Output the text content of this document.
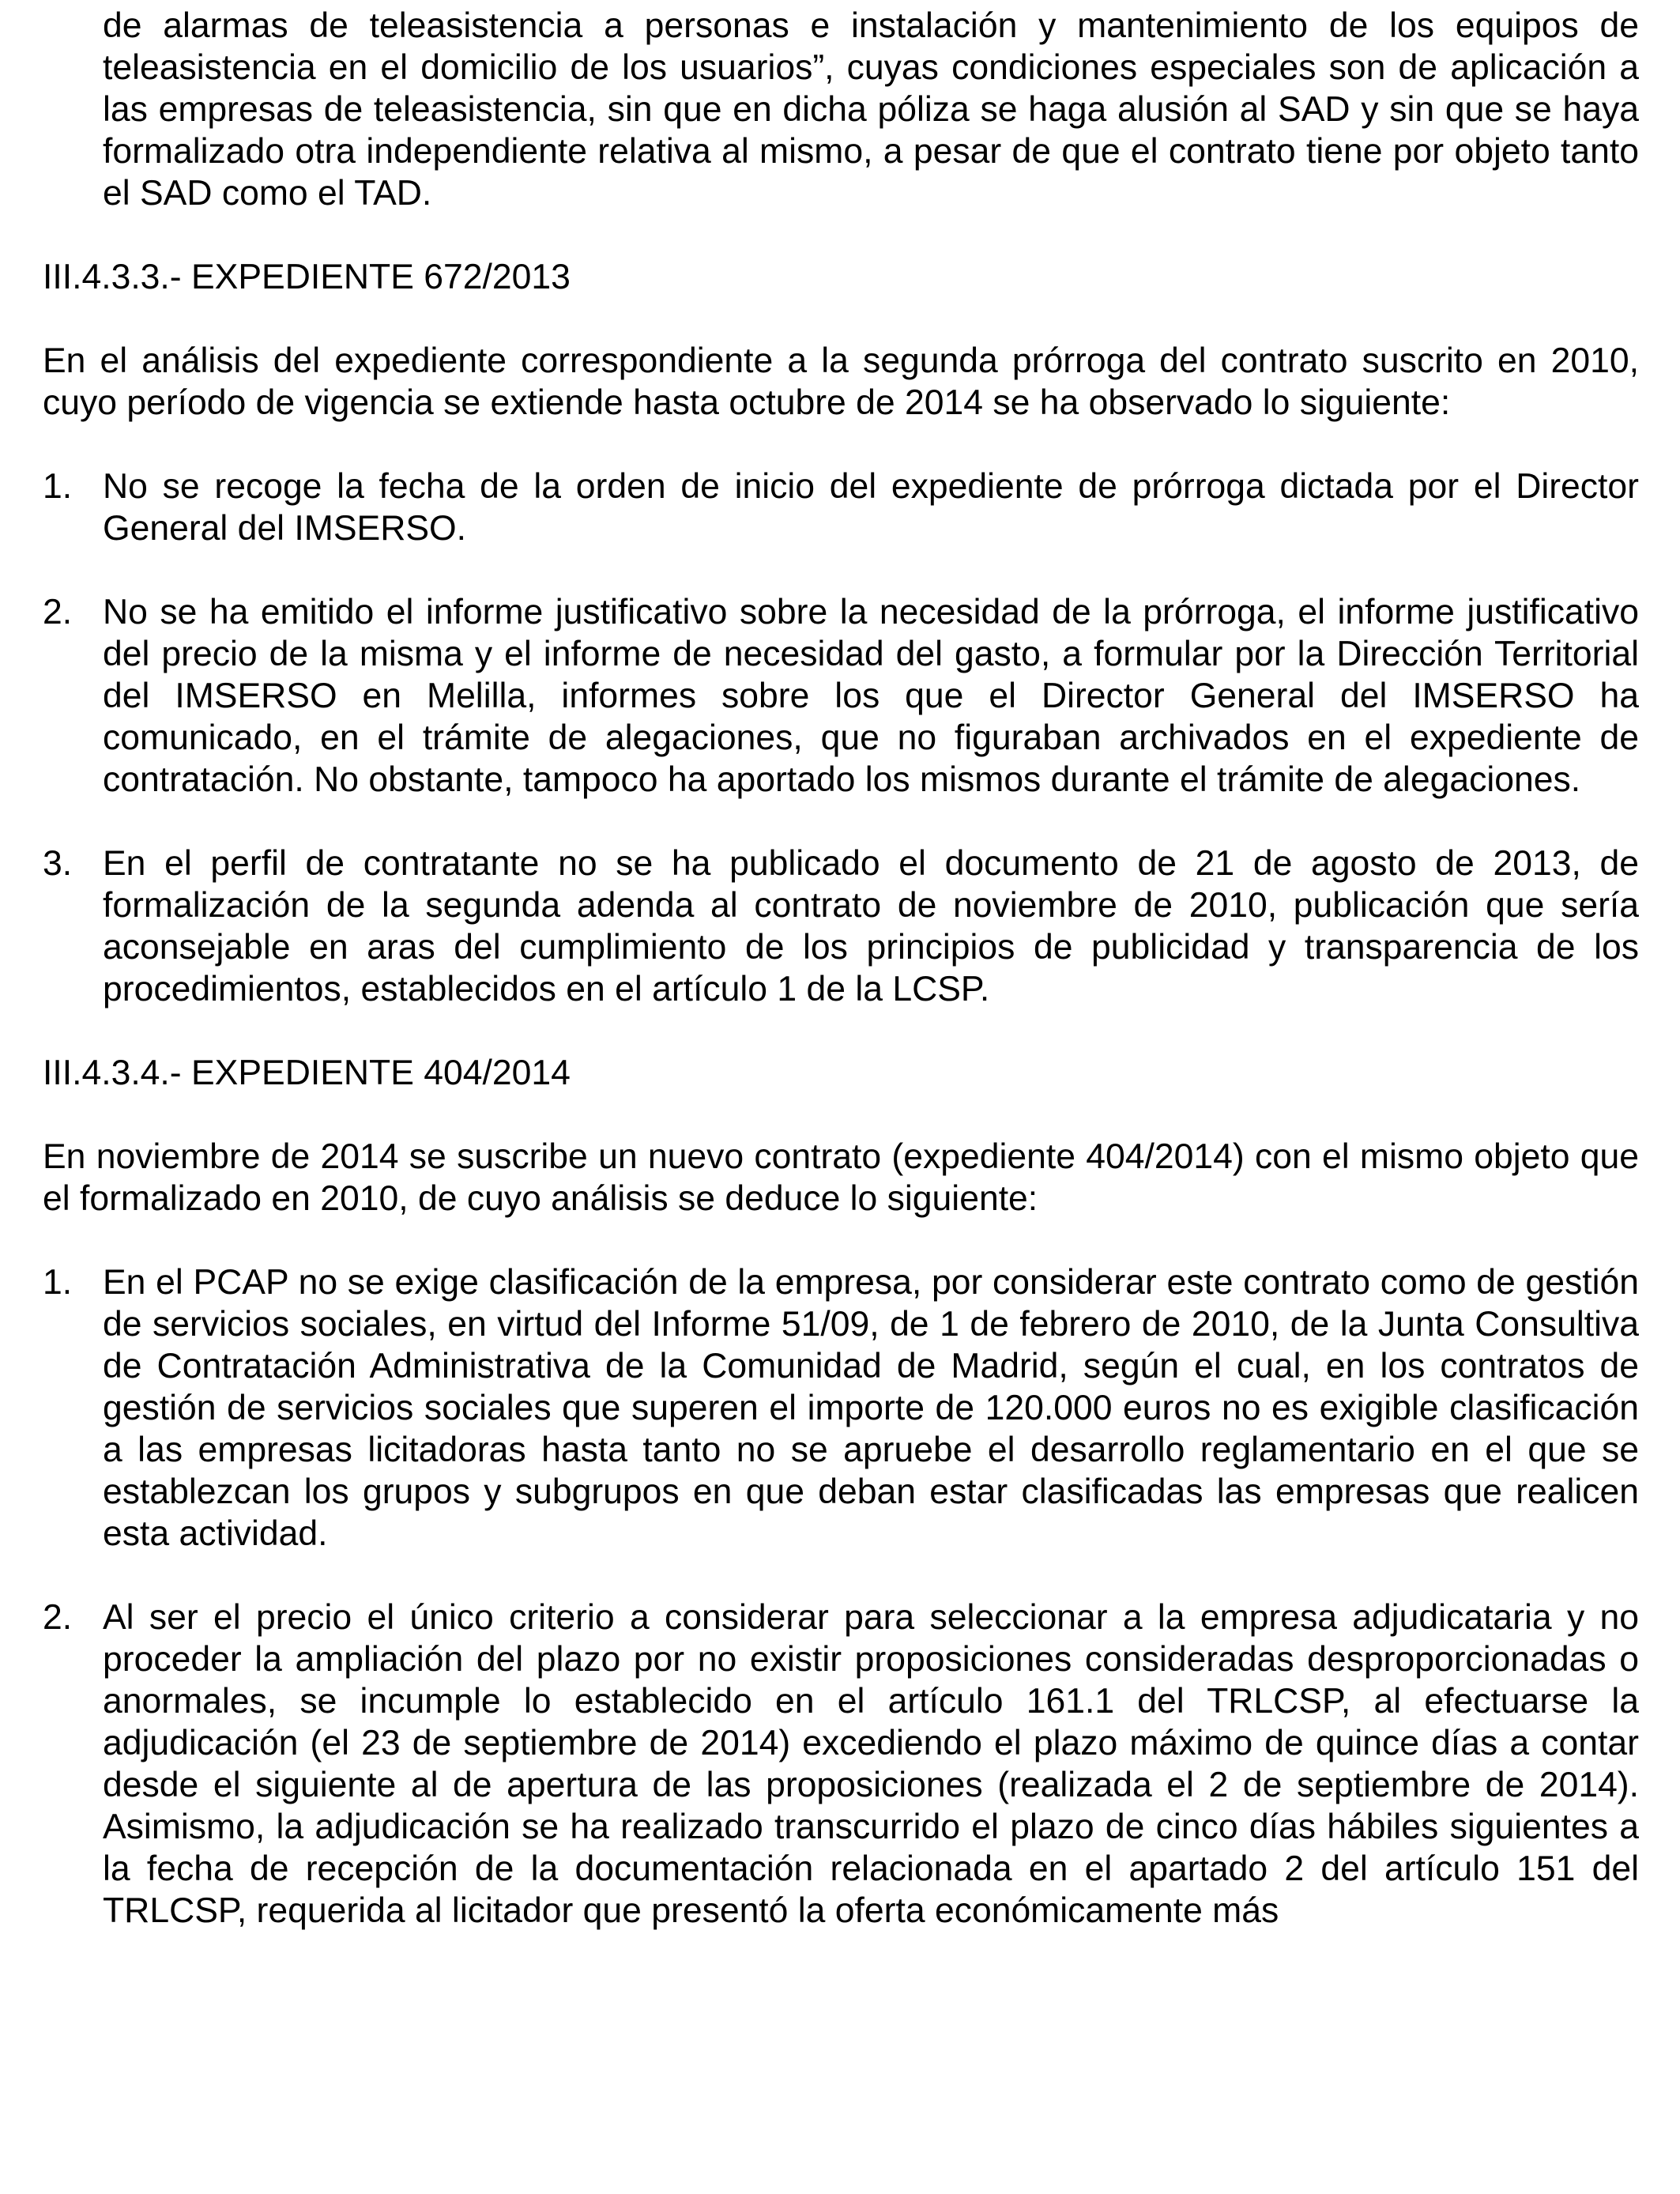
de alarmas de teleasistencia a personas e instalación y mantenimiento de los equipos de teleasistencia en el domicilio de los usuarios”, cuyas condiciones especiales son de aplicación a las empresas de teleasistencia, sin que en dicha póliza se haga alusión al SAD y sin que se haya formalizado otra independiente relativa al mismo, a pesar de que el contrato tiene por objeto tanto el SAD como el TAD.

III.4.3.3.- EXPEDIENTE 672/2013

En el análisis del expediente correspondiente a la segunda prórroga del contrato suscrito en 2010, cuyo período de vigencia se extiende hasta octubre de 2014 se ha observado lo siguiente:

1. No se recoge la fecha de la orden de inicio del expediente de prórroga dictada por el Director General del IMSERSO.
2. No se ha emitido el informe justificativo sobre la necesidad de la prórroga, el informe justificativo del precio de la misma y el informe de necesidad del gasto, a formular por la Dirección Territorial del IMSERSO en Melilla, informes sobre los que el Director General del IMSERSO ha comunicado, en el trámite de alegaciones, que no figuraban archivados en el expediente de contratación. No obstante, tampoco ha aportado los mismos durante el trámite de alegaciones.
3. En el perfil de contratante no se ha publicado el documento de 21 de agosto de 2013, de formalización de la segunda adenda al contrato de noviembre de 2010, publicación que sería aconsejable en aras del cumplimiento de los principios de publicidad y transparencia de los procedimientos, establecidos en el artículo 1 de la LCSP.

III.4.3.4.- EXPEDIENTE 404/2014

En noviembre de 2014 se suscribe un nuevo contrato (expediente 404/2014) con el mismo objeto que el formalizado en 2010, de cuyo análisis se deduce lo siguiente:

1. En el PCAP no se exige clasificación de la empresa, por considerar este contrato como de gestión de servicios sociales, en virtud del Informe 51/09, de 1 de febrero de 2010, de la Junta Consultiva de Contratación Administrativa de la Comunidad de Madrid, según el cual, en los contratos de gestión de servicios sociales que superen el importe de 120.000 euros no es exigible clasificación a las empresas licitadoras hasta tanto no se apruebe el desarrollo reglamentario en el que se establezcan los grupos y subgrupos en que deban estar clasificadas las empresas que realicen esta actividad.
2. Al ser el precio el único criterio a considerar para seleccionar a la empresa adjudicataria y no proceder la ampliación del plazo por no existir proposiciones consideradas desproporcionadas o anormales, se incumple lo establecido en el artículo 161.1 del TRLCSP, al efectuarse la adjudicación (el 23 de septiembre de 2014) excediendo el plazo máximo de quince días a contar desde el siguiente al de apertura de las proposiciones (realizada el 2 de septiembre de 2014). Asimismo, la adjudicación se ha realizado transcurrido el plazo de cinco días hábiles siguientes a la fecha de recepción de la documentación relacionada en el apartado 2 del artículo 151 del TRLCSP, requerida al licitador que presentó la oferta económicamente más
